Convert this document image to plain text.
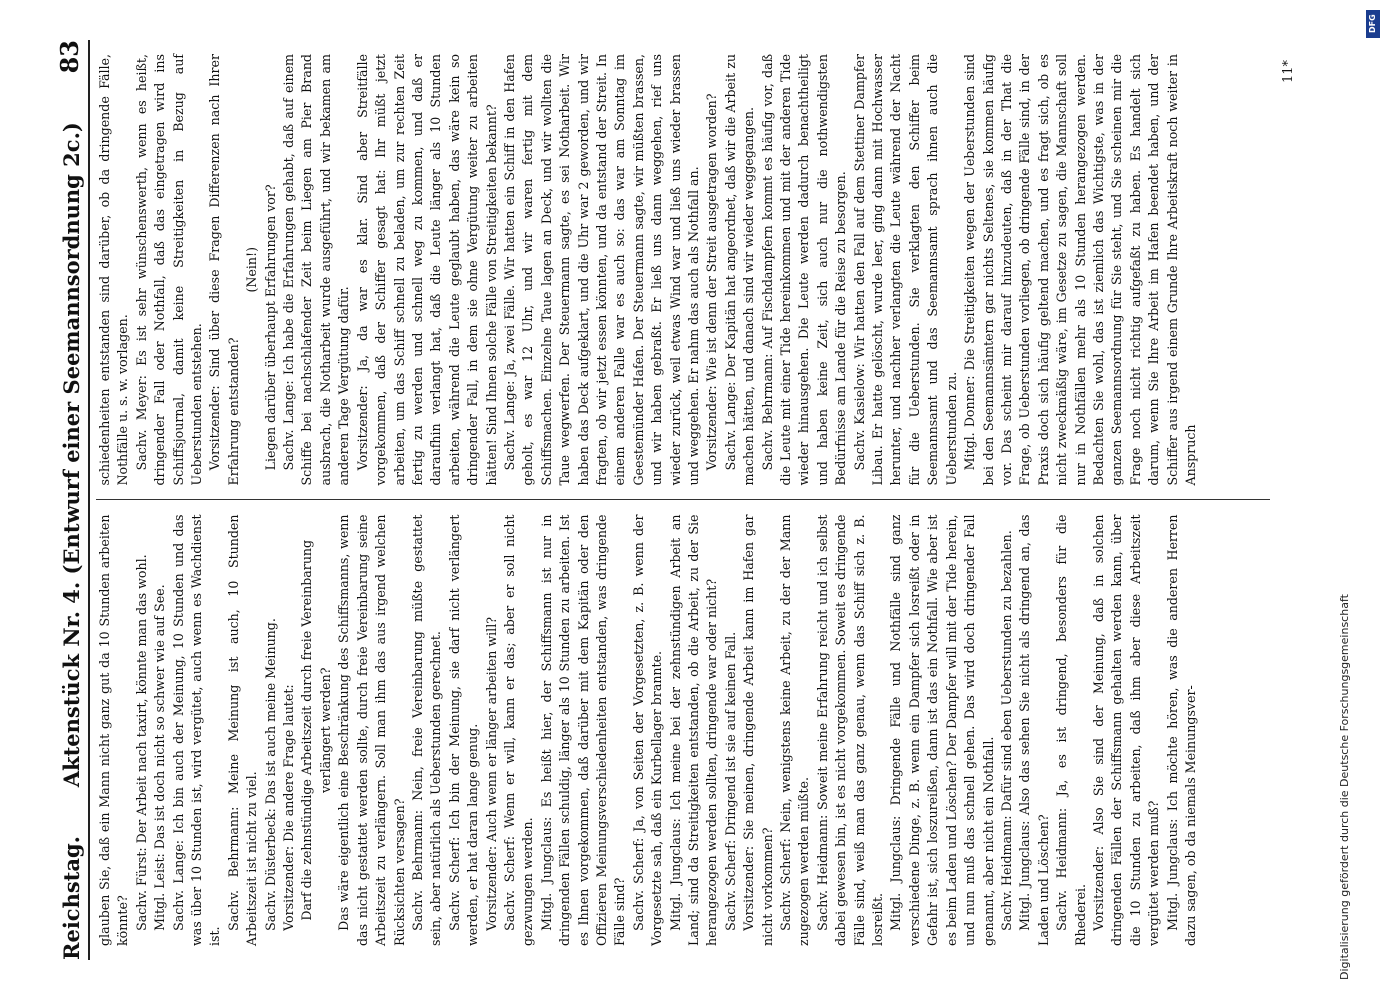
Reichstag.
Aktenstück Nr. 4. (Entwurf einer Seemannsordnung 2c.)
83

glauben Sie, daß ein Mann nicht ganz gut da 10 Stunden arbeiten könnte? Sachv. Fürst: Der Arbeit nach taxirt, könnte man das wohl. Mitgl. Leist: Das ist doch nicht so schwer wie auf See. Sachv. Lange: Ich bin auch der Meinung, 10 Stunden und das was über 10 Stunden ist, wird vergütet, auch wenn es Wachdienst ist.

Sachv. Behrmann: Meine Meinung ist auch, 10 Stunden Arbeitszeit ist nicht zu viel. Sachv. Düsterbeck: Das ist auch meine Meinung. Vorsitzender: Die andere Frage lautet: Darf die zehnstündige Arbeitszeit durch freie Vereinbarung verlängert werden? Das wäre eigentlich eine Beschränkung des Schiffsmanns, wenn das nicht gestattet werden sollte, durch freie Vereinbarung seine Arbeitszeit zu verlängern. Soll man ihm das aus irgend welchen Rücksichten versagen? Sachv. Behrmann: Nein, freie Vereinbarung müßte gestattet sein, aber natürlich als Ueberstunden gerechnet. Sachv. Scherf: Ich bin der Meinung, sie darf nicht verlängert werden, er hat daran lange genug. Vorsitzender: Auch wenn er länger arbeiten will? Sachv. Scherf: Wenn er will, kann er das; aber er soll nicht gezwungen werden. Mitgl. Jungclaus: Es heißt hier, der Schiffsmann ist nur in dringenden Fällen schuldig, länger als 10 Stunden zu arbeiten. Ist es Ihnen vorgekommen, daß darüber mit dem Kapitän oder den Offizieren Meinungsverschiedenheiten entstanden, was dringende Fälle sind? Sachv. Scherf: Ja, von Seiten der Vorgesetzten, z. B. wenn der Vorgesetzte sah, daß ein Kurbellager brannte. Mitgl. Jungclaus: Ich meine bei der zehnstündigen Arbeit an Land; sind da Streitigkeiten entstanden, ob die Arbeit, zu der Sie herangezogen werden sollten, dringende war oder nicht? Sachv. Scherf: Dringend ist sie auf keinen Fall. Vorsitzender: Sie meinen, dringende Arbeit kann im Hafen gar nicht vorkommen? Sachv. Scherf: Nein, wenigstens keine Arbeit, zu der der Mann zugezogen werden müßte. Sachv. Heidmann: Soweit meine Erfahrung reicht und ich selbst dabei gewesen bin, ist es nicht vorgekommen. Soweit es dringende Fälle sind, weiß man das ganz genau, wenn das Schiff sich z. B. losreißt. Mitgl. Jungclaus: Dringende Fälle und Nothfälle sind ganz verschiedene Dinge, z. B. wenn ein Dampfer sich losreißt oder in Gefahr ist, sich loszureißen, dann ist das ein Nothfall. Wie aber ist es beim Laden und Löschen? Der Dampfer will mit der Tide herein, und nun muß das schnell gehen. Das wird doch dringender Fall genannt, aber nicht ein Nothfall. Sachv. Heidmann: Dafür sind eben Ueberstunden zu bezahlen. Mitgl. Jungclaus: Also das sehen Sie nicht als dringend an, das Laden und Löschen? Sachv. Heidmann: Ja, es ist dringend, besonders für die Rhederei. Vorsitzender: Also Sie sind der Meinung, daß in solchen dringenden Fällen der Schiffsmann gehalten werden kann, über die 10 Stunden zu arbeiten, daß ihm aber diese Arbeitszeit vergütet werden muß? Mitgl. Jungclaus: Ich möchte hören, was die anderen Herren dazu sagen, ob da niemals Meinungsver-

schiedenheiten entstanden sind darüber, ob da dringende Fälle, Nothfälle u. s. w. vorlagen. Sachv. Meyer: Es ist sehr wünschenswerth, wenn es heißt, dringender Fall oder Nothfall, daß das eingetragen wird ins Schiffsjournal, damit keine Streitigkeiten in Bezug auf Ueberstunden entstehen. Vorsitzender: Sind über diese Fragen Differenzen nach Ihrer Erfahrung entstanden?

(Nein!) Liegen darüber überhaupt Erfahrungen vor? Sachv. Lange: Ich habe die Erfahrungen gehabt, daß auf einem Schiffe bei nachschlafender Zeit beim Liegen am Pier Brand ausbrach, die Notharbeit wurde ausgeführt, und wir bekamen am anderen Tage Vergütung dafür. Vorsitzender: Ja, da war es klar. Sind aber Streitfälle vorgekommen, daß der Schiffer gesagt hat: Ihr müßt jetzt arbeiten, um das Schiff schnell zu beladen, um zur rechten Zeit fertig zu werden und schnell weg zu kommen, und daß er daraufhin verlangt hat, daß die Leute länger als 10 Stunden arbeiten, während die Leute geglaubt haben, das wäre kein so dringender Fall, in dem sie ohne Vergütung weiter zu arbeiten hätten! Sind Ihnen solche Fälle von Streitigkeiten bekannt? Sachv. Lange: Ja, zwei Fälle. Wir hatten ein Schiff in den Hafen geholt, es war 12 Uhr, und wir waren fertig mit dem Schiffsmachen. Einzelne Taue lagen an Deck, und wir wollten die Taue wegwerfen. Der Steuermann sagte, es sei Notharbeit. Wir haben das Deck aufgeklart, und die Uhr war 2 geworden, und wir fragten, ob wir jetzt essen könnten, und da entstand der Streit. In einem anderen Falle war es auch so: das war am Sonntag im Geestemünder Hafen. Der Steuermann sagte, wir müßten brassen, und wir haben gebraßt. Er ließ uns dann weggehen, rief uns wieder zurück, weil etwas Wind war und ließ uns wieder brassen und weggehen. Er nahm das auch als Nothfall an. Vorsitzender: Wie ist denn der Streit ausgetragen worden? Sachv. Lange: Der Kapitän hat angeordnet, daß wir die Arbeit zu machen hätten, und danach sind wir wieder weggegangen. Sachv. Behrmann: Auf Fischdampfern kommt es häufig vor, daß die Leute mit einer Tide hereinkommen und mit der anderen Tide wieder hinausgehen. Die Leute werden dadurch benachtheiligt und haben keine Zeit, sich auch nur die nothwendigsten Bedürfnisse am Lande für die Reise zu besorgen. Sachv. Kasielow: Wir hatten den Fall auf dem Stettiner Dampfer Libau. Er hatte gelöscht, wurde leer, ging dann mit Hochwasser herunter, und nachher verlangten die Leute während der Nacht für die Ueberstunden. Sie verklagten den Schiffer beim Seemannsamt und das Seemannsamt sprach ihnen auch die Ueberstunden zu. Mitgl. Donner: Die Streitigkeiten wegen der Ueberstunden sind bei den Seemannsämtern gar nichts Seltenes, sie kommen häufig vor. Das scheint mir darauf hinzudeuten, daß in der That die Frage, ob Ueberstunden vorliegen, ob dringende Fälle sind, in der Praxis doch sich häufig geltend machen, und es fragt sich, ob es nicht zweckmäßig wäre, im Gesetze zu sagen, die Mannschaft soll nur in Nothfällen mehr als 10 Stunden herangezogen werden. Bedachten Sie wohl, das ist ziemlich das Wichtigste, was in der ganzen Seemannsordnung für Sie steht, und Sie scheinen mir die Frage noch nicht richtig aufgefaßt zu haben. Es handelt sich darum, wenn Sie Ihre Arbeit im Hafen beendet haben, und der Schiffer aus irgend einem Grunde Ihre Arbeitskraft noch weiter in Anspruch

11*
Digitalisierung gefördert durch die Deutsche Forschungsgemeinschaft
DFG
